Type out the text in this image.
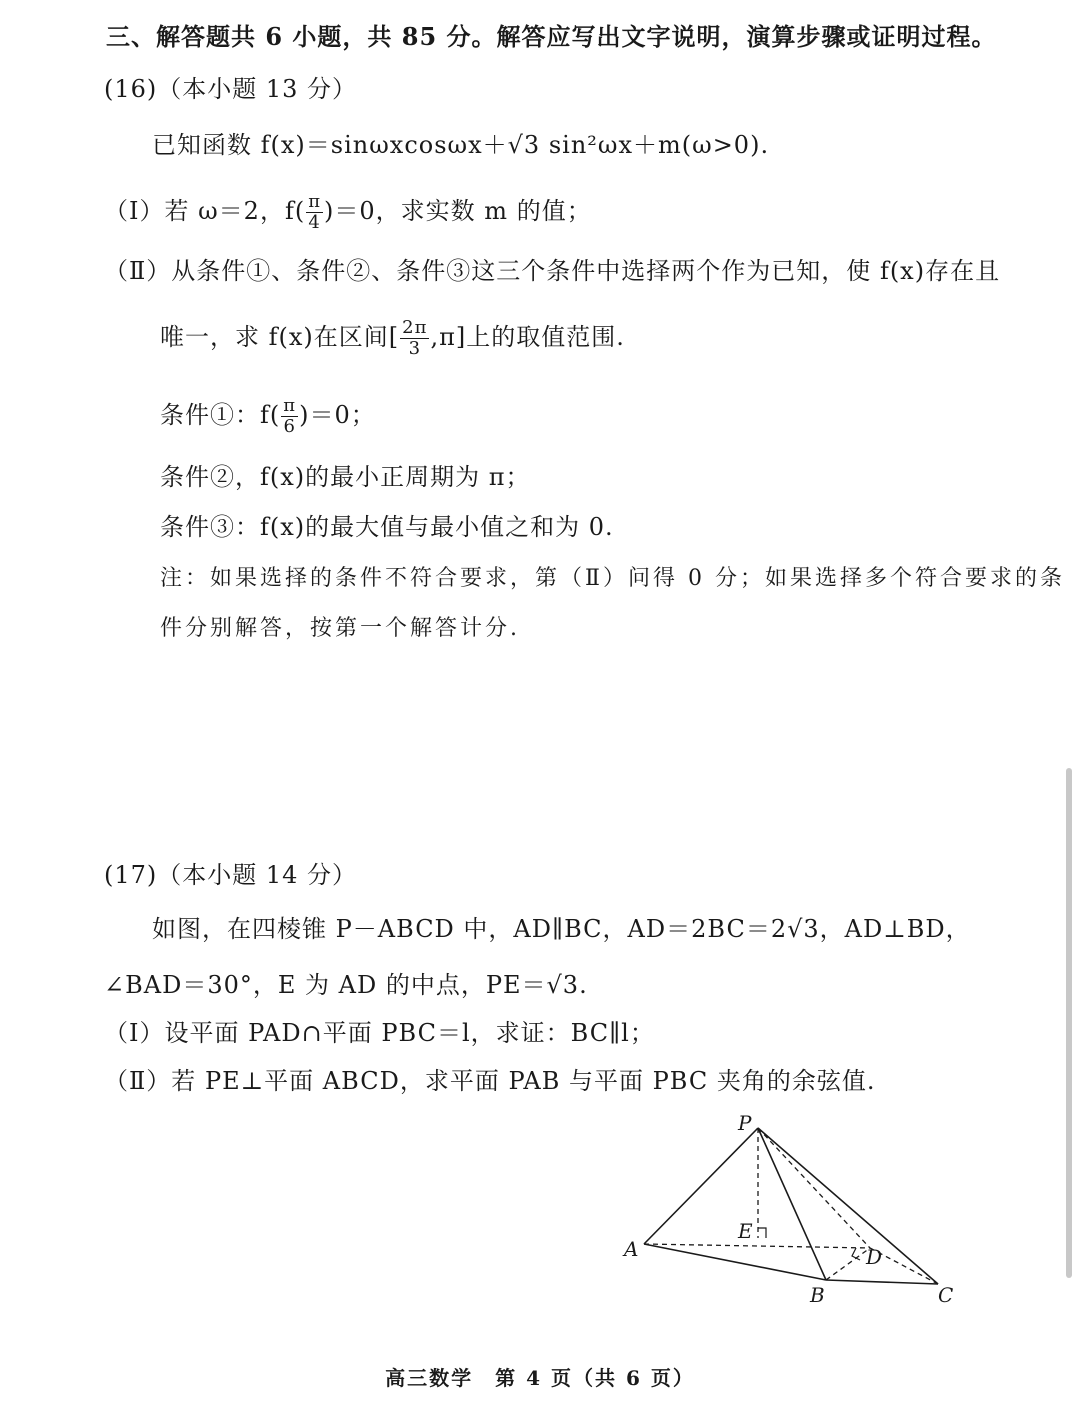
三、解答题共 6 小题，共 85 分。解答应写出文字说明，演算步骤或证明过程。
(16)（本小题 13 分）
已知函数 f(x)＝sinωxcosωx＋√3 sin²ωx＋m(ω>0).
（Ⅰ）若 ω＝2，$f( \frac{\pi}{4} )=0$，求实数 m 的值；
（Ⅱ）从条件①、条件②、条件③这三个条件中选择两个作为已知，使 f(x)存在且
唯一，求 f(x)在区间[ $\frac{2\pi}{3} ,\pi$]上的取值范围.
条件①：$f( \frac{\pi}{6} )=0$；
条件②，f(x)的最小正周期为 π；
条件③：f(x)的最大值与最小值之和为 0.
注：如果选择的条件不符合要求，第（Ⅱ）问得 0 分；如果选择多个符合要求的条
件分别解答，按第一个解答计分.
(17)（本小题 14 分）
如图，在四棱锥 P－ABCD 中，AD∥BC，AD＝2BC＝2√3，AD⊥BD，
∠BAD＝30°，E 为 AD 的中点，PE＝√3.
（Ⅰ）设平面 PAD∩平面 PBC＝l，求证：BC∥l；
（Ⅱ）若 PE⊥平面 ABCD，求平面 PAB 与平面 PBC 夹角的余弦值.
P
A
B	C
D
E
高三数学　第 4 页（共 6 页）
